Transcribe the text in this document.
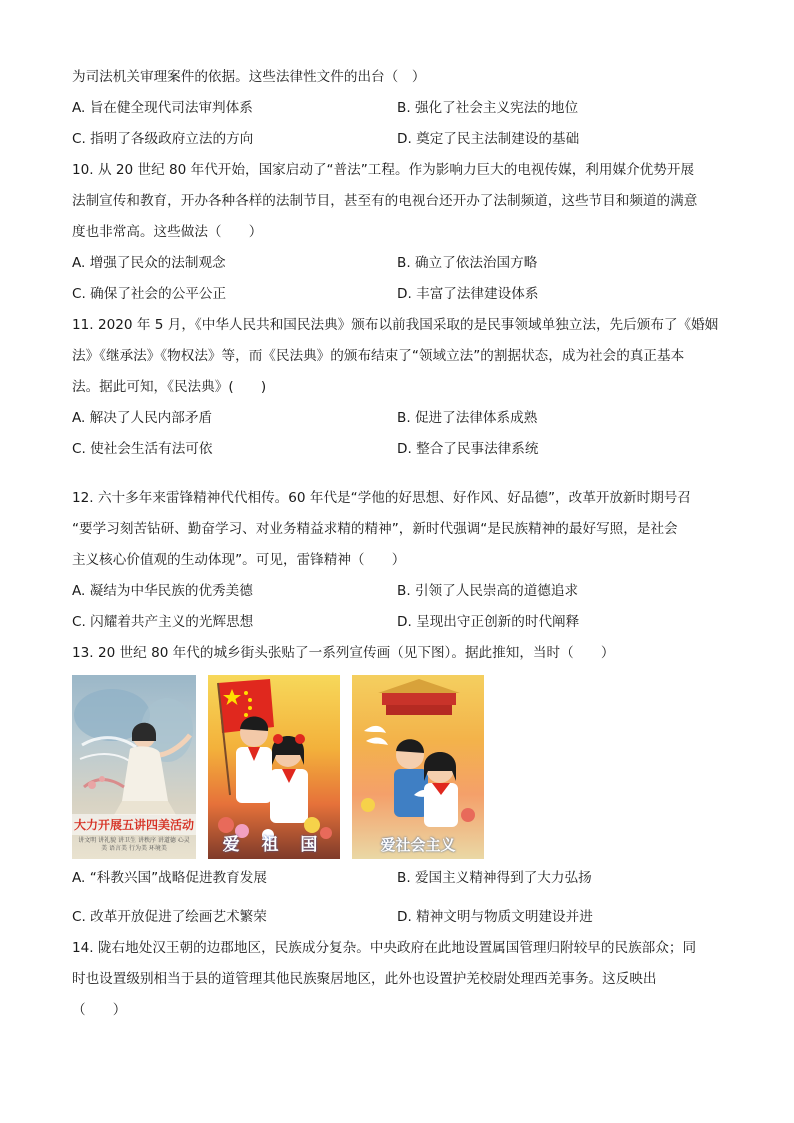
为司法机关审理案件的依据。这些法律性文件的出台（　）
A. 旨在健全现代司法审判体系	B. 强化了社会主义宪法的地位
C. 指明了各级政府立法的方向	D. 奠定了民主法制建设的基础
10. 从 20 世纪 80 年代开始，国家启动了“普法”工程。作为影响力巨大的电视传媒，利用媒介优势开展
法制宣传和教育，开办各种各样的法制节目，甚至有的电视台还开办了法制频道，这些节目和频道的满意
度也非常高。这些做法（　　）
A. 增强了民众的法制观念	B. 确立了依法治国方略
C. 确保了社会的公平公正	D. 丰富了法律建设体系
11. 2020 年 5 月，《中华人民共和国民法典》颁布以前我国采取的是民事领域单独立法，先后颁布了《婚姻
法》《继承法》《物权法》等，而《民法典》的颁布结束了“领域立法”的割据状态，成为社会的真正基本
法。据此可知，《民法典》(　　)
A. 解决了人民内部矛盾	B. 促进了法律体系成熟
C. 使社会生活有法可依	D. 整合了民事法律系统
12. 六十多年来雷锋精神代代相传。60 年代是“学他的好思想、好作风、好品德”，改革开放新时期号召
“要学习刻苦钻研、勤奋学习、对业务精益求精的精神”，新时代强调“是民族精神的最好写照，是社会
主义核心价值观的生动体现”。可见，雷锋精神（　　）
A. 凝结为中华民族的优秀美德	B. 引领了人民崇高的道德追求
C. 闪耀着共产主义的光辉思想	D. 呈现出守正创新的时代阐释
13. 20 世纪 80 年代的城乡街头张贴了一系列宣传画（见下图）。据此推知，当时（　　）
大力开展五讲四美活动
讲文明 讲礼貌 讲卫生 讲秩序 讲道德 心灵美 语言美 行为美 环境美	爱 祖 国	爱社会主义
A. “科教兴国”战略促进教育发展	B. 爱国主义精神得到了大力弘扬
C. 改革开放促进了绘画艺术繁荣	D. 精神文明与物质文明建设并进
14. 陇右地处汉王朝的边郡地区，民族成分复杂。中央政府在此地设置属国管理归附较早的民族部众；同
时也设置级别相当于县的道管理其他民族聚居地区，此外也设置护羌校尉处理西羌事务。这反映出
（　　）
